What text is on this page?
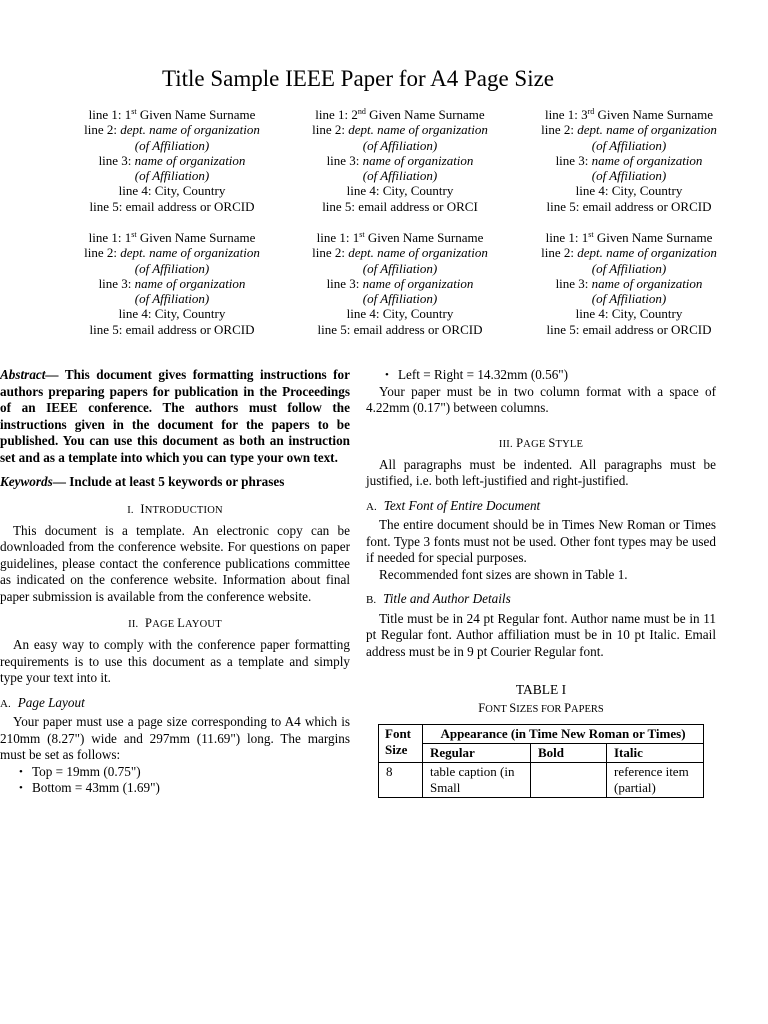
Title Sample IEEE Paper for A4 Page Size
line 1: 1st Given Name Surname
line 2: dept. name of organization
(of Affiliation)
line 3: name of organization
(of Affiliation)
line 4: City, Country
line 5: email address or ORCID
line 1: 2nd Given Name Surname
line 2: dept. name of organization
(of Affiliation)
line 3: name of organization
(of Affiliation)
line 4: City, Country
line 5: email address or ORCI
line 1: 3rd Given Name Surname
line 2: dept. name of organization
(of Affiliation)
line 3: name of organization
(of Affiliation)
line 4: City, Country
line 5: email address or ORCID
line 1: 1st Given Name Surname
line 2: dept. name of organization
(of Affiliation)
line 3: name of organization
(of Affiliation)
line 4: City, Country
line 5: email address or ORCID
line 1: 1st Given Name Surname
line 2: dept. name of organization
(of Affiliation)
line 3: name of organization
(of Affiliation)
line 4: City, Country
line 5: email address or ORCID
line 1: 1st Given Name Surname
line 2: dept. name of organization
(of Affiliation)
line 3: name of organization
(of Affiliation)
line 4: City, Country
line 5: email address or ORCID

Abstract— This document gives formatting instructions for authors preparing papers for publication in the Proceedings of an IEEE conference. The authors must follow the instructions given in the document for the papers to be published. You can use this document as both an instruction set and as a template into which you can type your own text.

Keywords— Include at least 5 keywords or phrases

I. INTRODUCTION

This document is a template. An electronic copy can be downloaded from the conference website. For questions on paper guidelines, please contact the conference publications committee as indicated on the conference website. Information about final paper submission is available from the conference website.

II. PAGE LAYOUT

An easy way to comply with the conference paper formatting requirements is to use this document as a template and simply type your text into it.

A. Page Layout

Your paper must use a page size corresponding to A4 which is 210mm (8.27") wide and 297mm (11.69") long. The margins must be set as follows:

• Top = 19mm (0.75")
• Bottom = 43mm (1.69")
• Left = Right = 14.32mm (0.56")

Your paper must be in two column format with a space of 4.22mm (0.17") between columns.

III. PAGE STYLE

All paragraphs must be indented. All paragraphs must be justified, i.e. both left-justified and right-justified.

A. Text Font of Entire Document

The entire document should be in Times New Roman or Times font. Type 3 fonts must not be used. Other font types may be used if needed for special purposes.

Recommended font sizes are shown in Table 1.

B. Title and Author Details

Title must be in 24 pt Regular font. Author name must be in 11 pt Regular font. Author affiliation must be in 10 pt Italic. Email address must be in 9 pt Courier Regular font.

TABLE I
FONT SIZES FOR PAPERS
Font Size	Appearance (in Time New Roman or Times)		
	Regular	Bold	Italic
8	table caption (in Small		reference item (partial)
